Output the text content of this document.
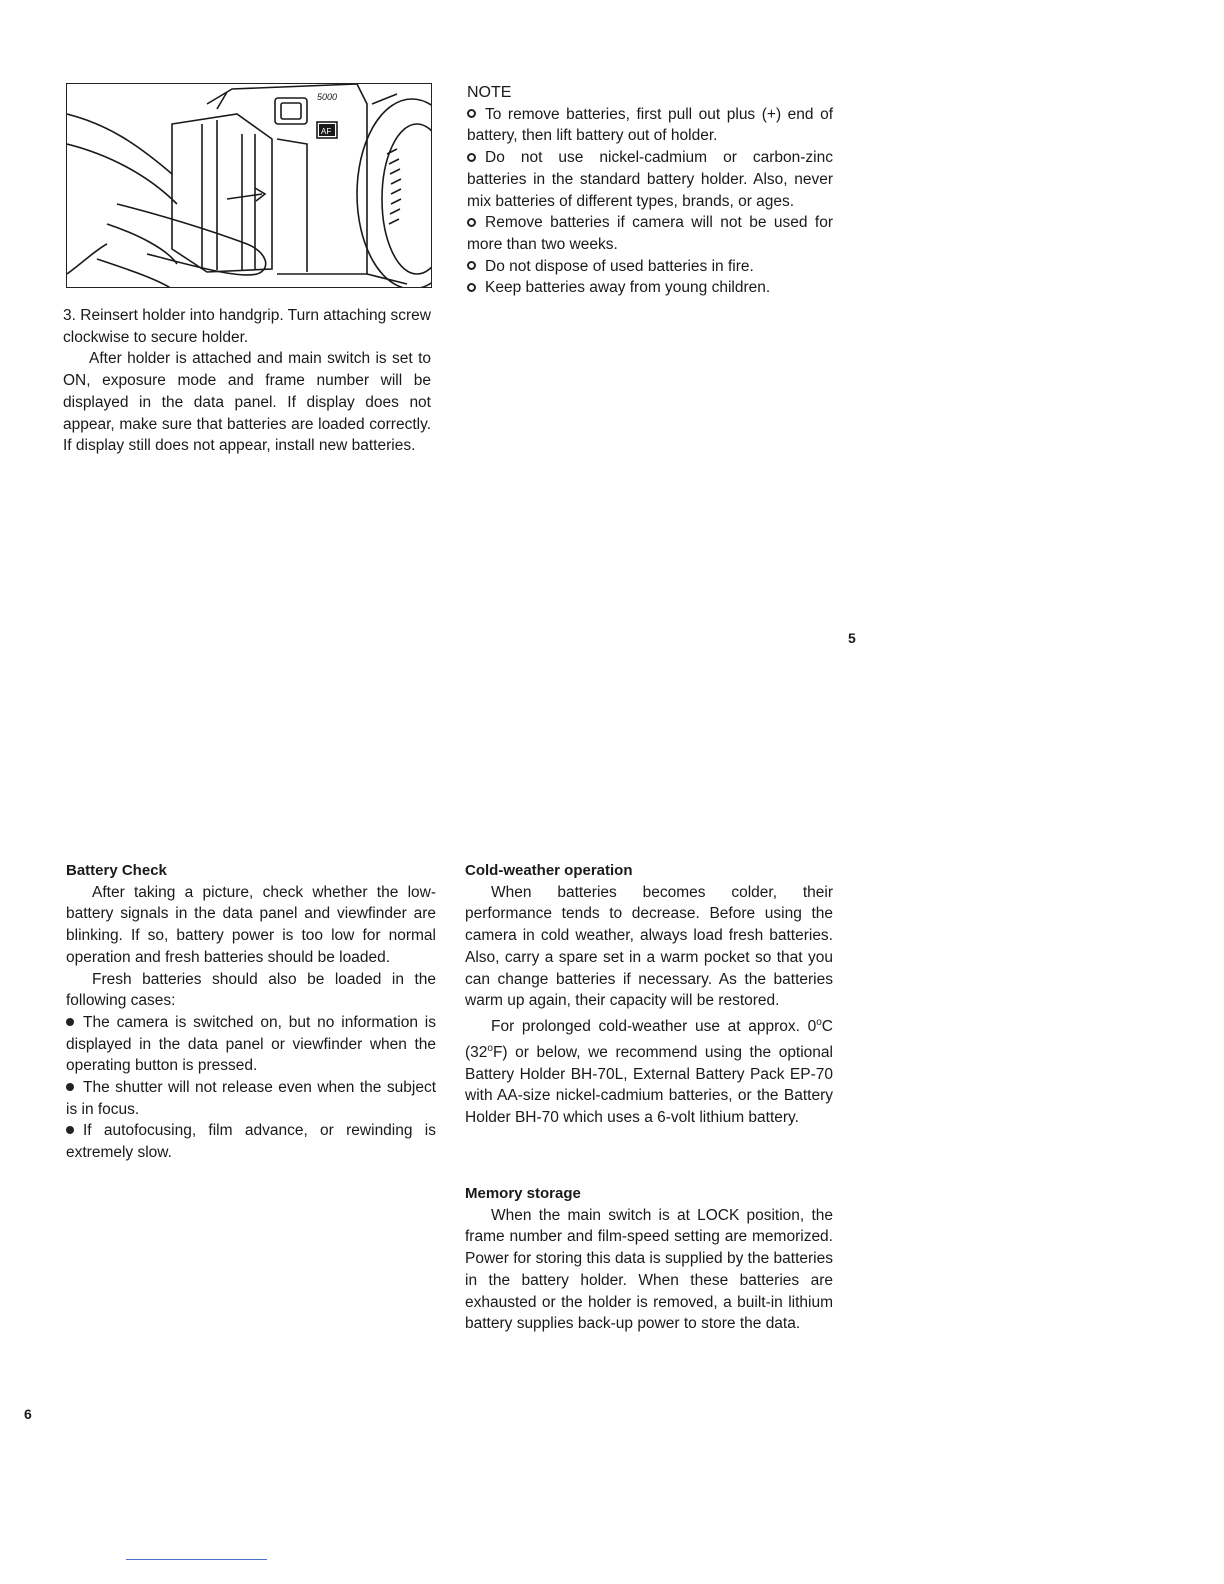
5000
AF

3. Reinsert holder into handgrip. Turn attaching screw clockwise to secure holder.

After holder is attached and main switch is set to ON, exposure mode and frame number will be displayed in the data panel. If display does not appear, make sure that batteries are loaded correctly. If display still does not appear, install new batteries.

NOTE

To remove batteries, first pull out plus (+) end of battery, then lift battery out of holder.

Do not use nickel-cadmium or carbon-zinc batteries in the standard battery holder. Also, never mix batteries of different types, brands, or ages.

Remove batteries if camera will not be used for more than two weeks.

Do not dispose of used batteries in fire.

Keep batteries away from young children.

5

Battery Check

After taking a picture, check whether the low-battery signals in the data panel and viewfinder are blinking. If so, battery power is too low for normal operation and fresh batteries should be loaded.

Fresh batteries should also be loaded in the following cases:

The camera is switched on, but no information is displayed in the data panel or viewfinder when the operating button is pressed.

The shutter will not release even when the subject is in focus.

If autofocusing, film advance, or rewinding is extremely slow.

Cold-weather operation

When batteries becomes colder, their performance tends to decrease. Before using the camera in cold weather, always load fresh batteries. Also, carry a spare set in a warm pocket so that you can change batteries if necessary. As the batteries warm up again, their capacity will be restored.

For prolonged cold-weather use at approx. 0$^o$C (32$^o$F) or below, we recommend using the optional Battery Holder BH-70L, External Battery Pack EP-70 with AA-size nickel-cadmium batteries, or the Battery Holder BH-70 which uses a 6-volt lithium battery.

Memory storage

When the main switch is at LOCK position, the frame number and film-speed setting are memorized. Power for storing this data is supplied by the batteries in the battery holder. When these batteries are exhausted or the holder is removed, a built-in lithium battery supplies back-up power to store the data.

6
